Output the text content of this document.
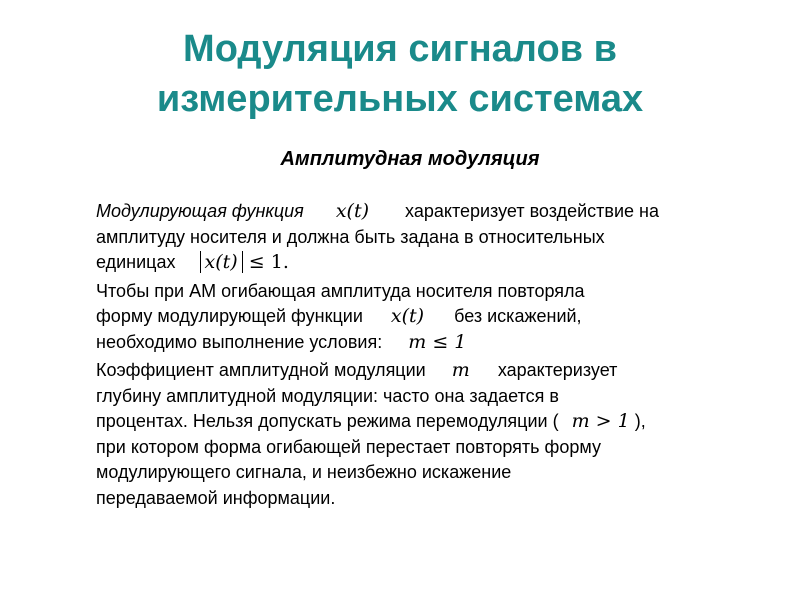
Модуляция сигналов в
измерительных системах
Амплитудная модуляция
Модулирующая функция x(t) характеризует воздействие на
амплитуду носителя и должна быть задана в относительных
единицах x(t) ≤ 1.
Чтобы при АМ огибающая амплитуда носителя повторяла
форму модулирующей функции x(t) без искажений,
необходимо выполнение условия: m ≤ 1
Коэффициент амплитудной модуляции m характеризует
глубину амплитудной модуляции: часто она задается в
процентах. Нельзя допускать режима перемодуляции ( m > 1 ),
при котором форма огибающей перестает повторять форму
модулирующего сигнала, и неизбежно искажение
передаваемой информации.
